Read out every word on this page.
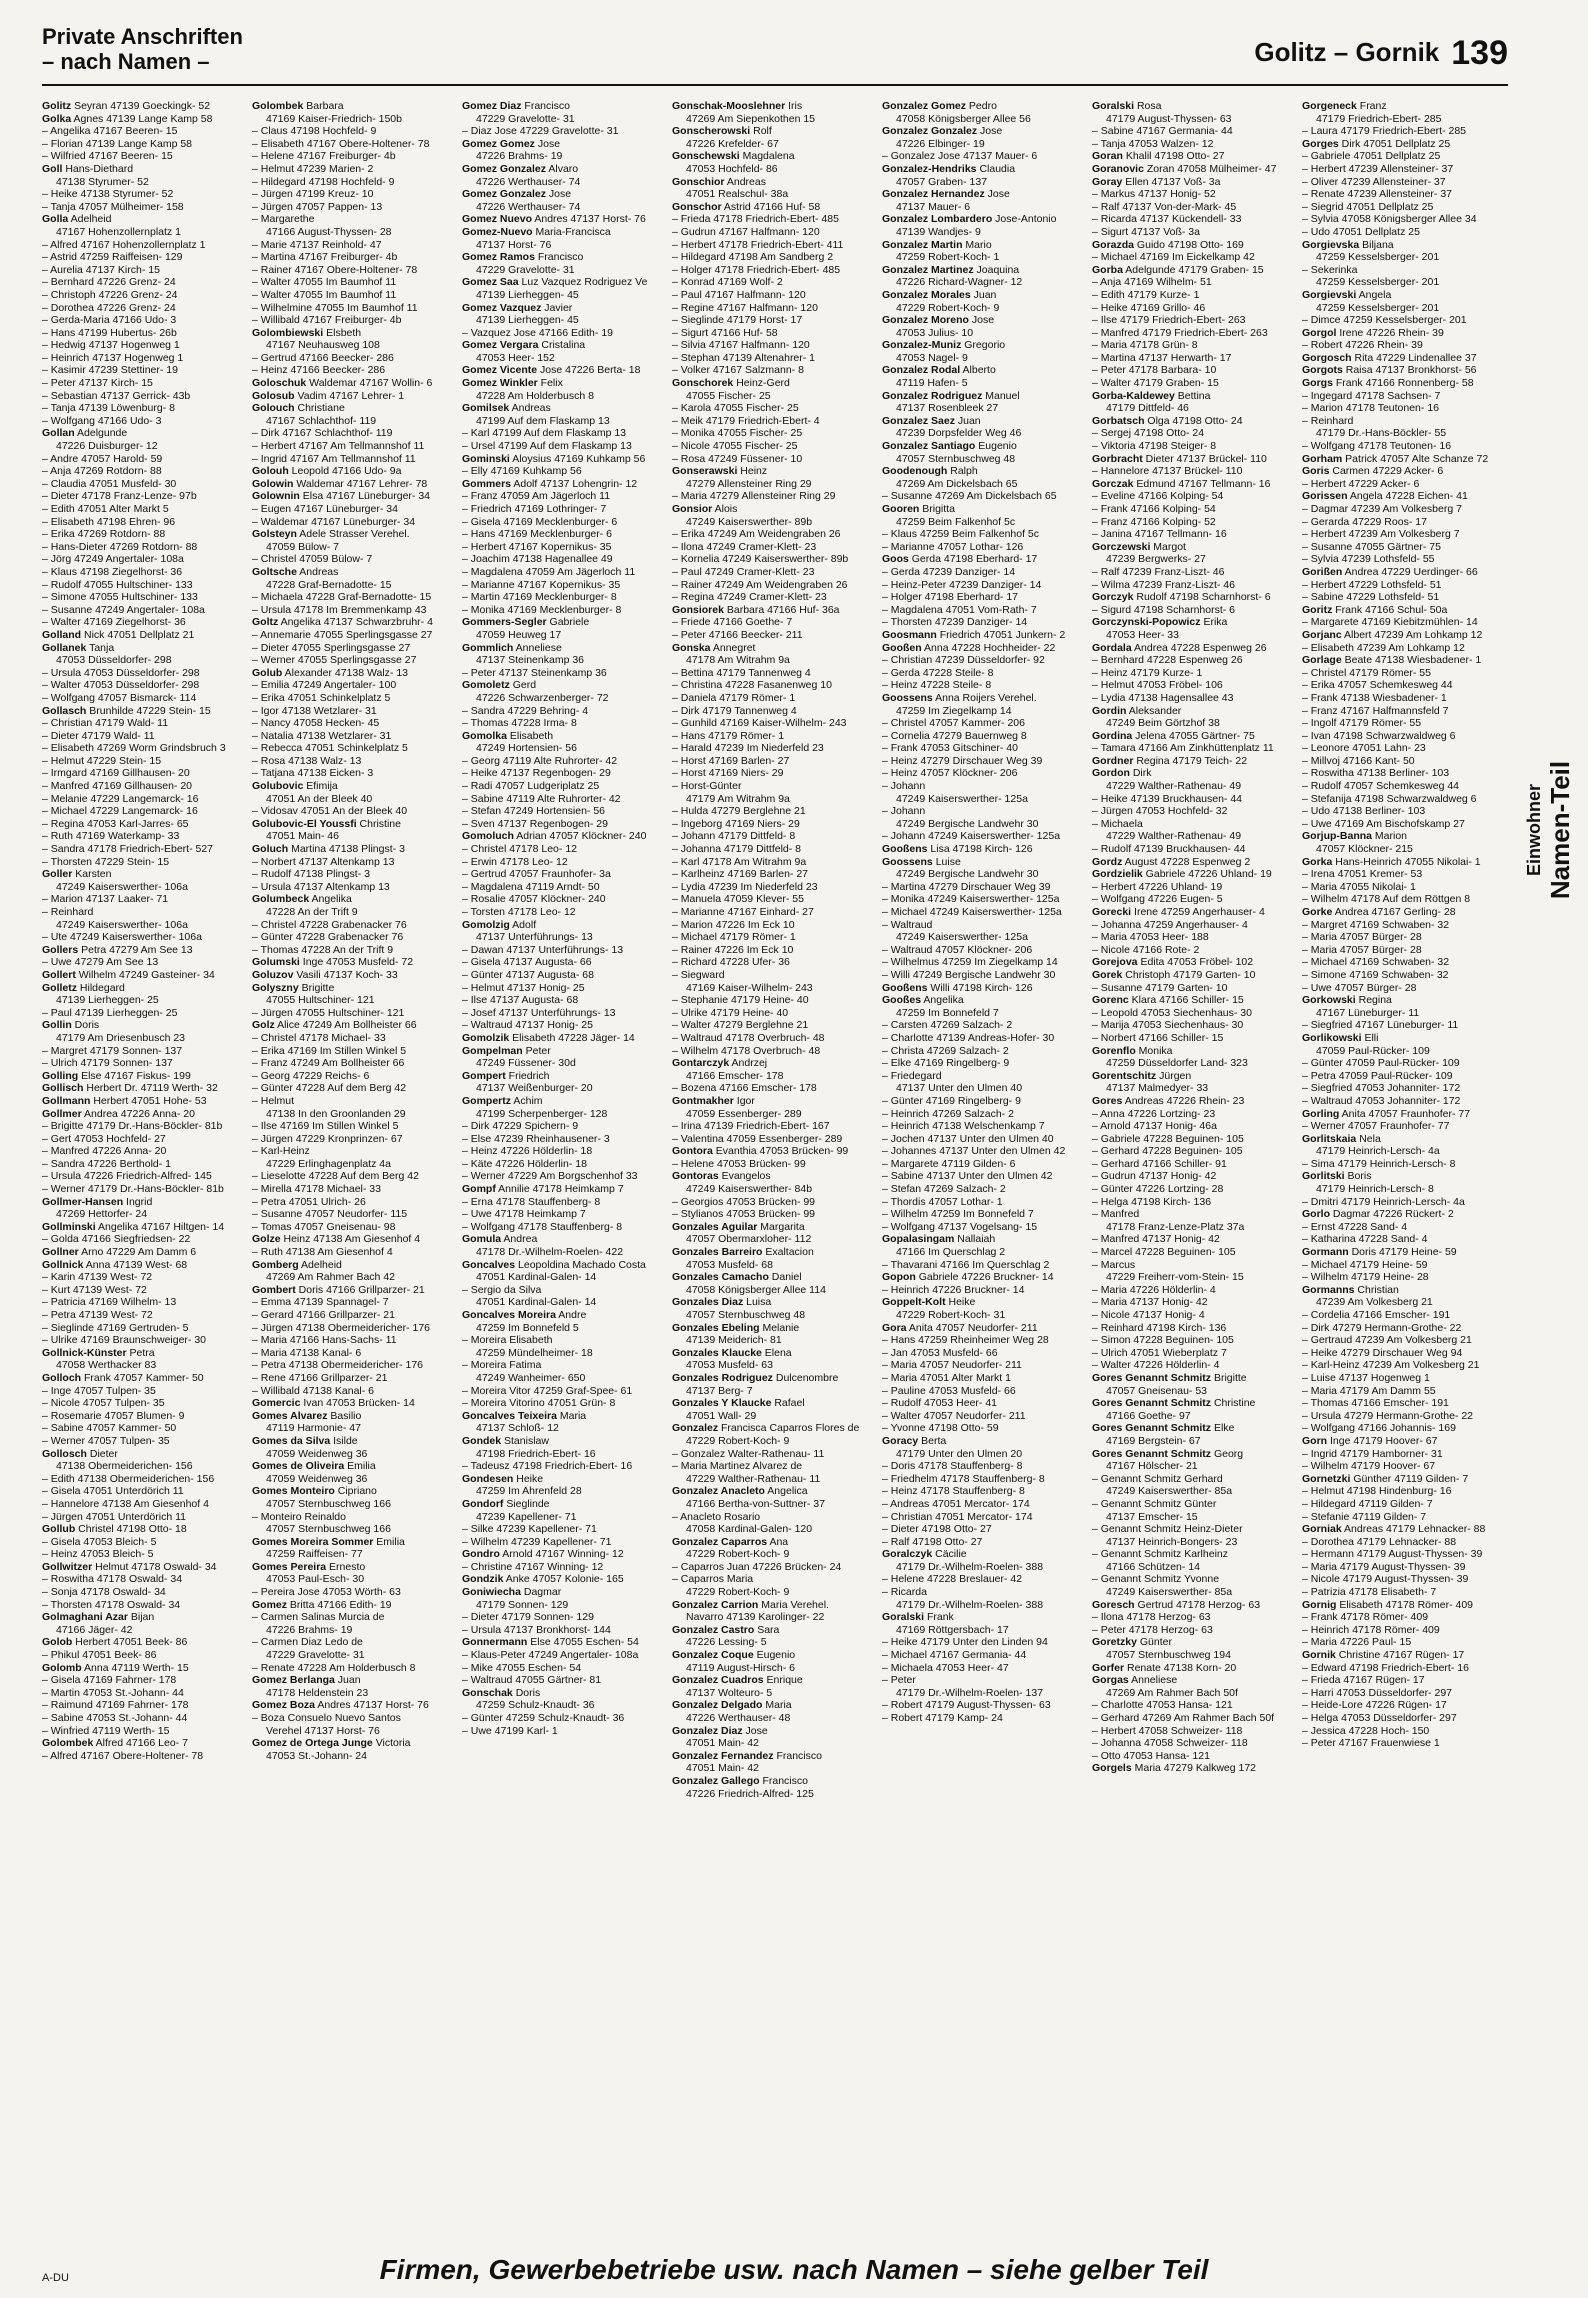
Private Anschriften
– nach Namen –	Golitz – Gornik 139
Golitz Seyran 47139 Goeckingk- 52
Golka Agnes 47139 Lange Kamp 58
– Angelika 47167 Beeren- 15
– Florian 47139 Lange Kamp 58
– Wilfried 47167 Beeren- 15
Goll Hans-Diethard
47138 Styrumer- 52
– Heike 47138 Styrumer- 52
– Tanja 47057 Mülheimer- 158
Golla Adelheid
47167 Hohenzollernplatz 1
– Alfred 47167 Hohenzollernplatz 1
– Astrid 47259 Raiffeisen- 129
– Aurelia 47137 Kirch- 15
– Bernhard 47226 Grenz- 24
– Christoph 47226 Grenz- 24
– Dorothea 47226 Grenz- 24
– Gerda-Maria 47166 Udo- 3
– Hans 47199 Hubertus- 26b
– Hedwig 47137 Hogenweg 1
– Heinrich 47137 Hogenweg 1
– Kasimir 47239 Stettiner- 19
– Peter 47137 Kirch- 15
– Sebastian 47137 Gerrick- 43b
– Tanja 47139 Löwenburg- 8
– Wolfgang 47166 Udo- 3
Gollan Adelgunde
47226 Duisburger- 12
– Andre 47057 Harold- 59
– Anja 47269 Rotdorn- 88
– Claudia 47051 Musfeld- 30
– Dieter 47178 Franz-Lenze- 97b
– Edith 47051 Alter Markt 5
– Elisabeth 47198 Ehren- 96
– Erika 47269 Rotdorn- 88
– Hans-Dieter 47269 Rotdorn- 88
– Jörg 47249 Angertaler- 108a
– Klaus 47198 Ziegelhorst- 36
– Rudolf 47055 Hultschiner- 133
– Simone 47055 Hultschiner- 133
– Susanne 47249 Angertaler- 108a
– Walter 47169 Ziegelhorst- 36
Golland Nick 47051 Dellplatz 21
Gollanek Tanja
47053 Düsseldorfer- 298
– Ursula 47053 Düsseldorfer- 298
– Walter 47053 Düsseldorfer- 298
– Wolfgang 47057 Bismarck- 114
Gollasch Brunhilde 47229 Stein- 15
– Christian 47179 Wald- 11
– Dieter 47179 Wald- 11
– Elisabeth 47269 Worm Grindsbruch 3
– Helmut 47229 Stein- 15
– Irmgard 47169 Gillhausen- 20
– Manfred 47169 Gillhausen- 20
– Melanie 47229 Langemarck- 16
– Michael 47229 Langemarck- 16
– Regina 47053 Karl-Jarres- 65
– Ruth 47169 Waterkamp- 33
– Sandra 47178 Friedrich-Ebert- 527
– Thorsten 47229 Stein- 15
Goller Karsten
47249 Kaiserswerther- 106a
– Marion 47137 Laaker- 71
– Reinhard
47249 Kaiserswerther- 106a
– Ute 47249 Kaiserswerther- 106a
Gollers Petra 47279 Am See 13
– Uwe 47279 Am See 13
Gollert Wilhelm 47249 Gasteiner- 34
Golletz Hildegard
47139 Lierheggen- 25
– Paul 47139 Lierheggen- 25
Gollin Doris
47179 Am Driesenbusch 23
– Margret 47179 Sonnen- 137
– Ulrich 47179 Sonnen- 137
Golling Else 47167 Fiskus- 199
Gollisch Herbert Dr. 47119 Werth- 32
Gollmann Herbert 47051 Hohe- 53
Gollmer Andrea 47226 Anna- 20
– Brigitte 47179 Dr.-Hans-Böckler- 81b
– Gert 47053 Hochfeld- 27
– Manfred 47226 Anna- 20
– Sandra 47226 Berthold- 1
– Ursula 47226 Friedrich-Alfred- 145
– Werner 47179 Dr.-Hans-Böckler- 81b
Gollmer-Hansen Ingrid
47269 Hettorfer- 24
Gollminski Angelika 47167 Hiltgen- 14
– Golda 47166 Siegfriedsen- 22
Gollner Arno 47229 Am Damm 6
Gollnick Anna 47139 West- 68
– Karin 47139 West- 72
– Kurt 47139 West- 72
– Patricia 47169 Wilhelm- 13
– Petra 47139 West- 72
– Sieglinde 47169 Gertruden- 5
– Ulrike 47169 Braunschweiger- 30
Gollnick-Künster Petra
47058 Werthacker 83
Golloch Frank 47057 Kammer- 50
– Inge 47057 Tulpen- 35
– Nicole 47057 Tulpen- 35
– Rosemarie 47057 Blumen- 9
– Sabine 47057 Kammer- 50
– Werner 47057 Tulpen- 35
Gollosch Dieter
47138 Obermeiderichen- 156
– Edith 47138 Obermeiderichen- 156
– Gisela 47051 Unterdörich 11
– Hannelore 47138 Am Giesenhof 4
– Jürgen 47051 Unterdörich 11
Gollub Christel 47198 Otto- 18
– Gisela 47053 Bleich- 5
– Heinz 47053 Bleich- 5
Gollwitzer Helmut 47178 Oswald- 34
– Roswitha 47178 Oswald- 34
– Sonja 47178 Oswald- 34
– Thorsten 47178 Oswald- 34
Golmaghani Azar Bijan
47166 Jäger- 42
Golob Herbert 47051 Beek- 86
– Phikul 47051 Beek- 86
Golomb Anna 47119 Werth- 15
– Gisela 47169 Fahrner- 178
– Martin 47053 St.-Johann- 44
– Raimund 47169 Fahrner- 178
– Sabine 47053 St.-Johann- 44
– Winfried 47119 Werth- 15
Golombek Alfred 47166 Leo- 7
– Alfred 47167 Obere-Holtener- 78
Golombek Barbara
47169 Kaiser-Friedrich- 150b
– Claus 47198 Hochfeld- 9
– Elisabeth 47167 Obere-Holtener- 78
– Helene 47167 Freiburger- 4b
– Helmut 47239 Marien- 2
– Hildegard 47198 Hochfeld- 9
– Jürgen 47199 Kreuz- 10
– Jürgen 47057 Pappen- 13
– Margarethe
47166 August-Thyssen- 28
– Marie 47137 Reinhold- 47
– Martina 47167 Freiburger- 4b
– Rainer 47167 Obere-Holtener- 78
– Walter 47055 Im Baumhof 11
– Walter 47055 Im Baumhof 11
– Wilhelmine 47055 Im Baumhof 11
– Willibald 47167 Freiburger- 4b
Golombiewski Elsbeth
47167 Neuhausweg 108
– Gertrud 47166 Beecker- 286
– Heinz 47166 Beecker- 286
Goloschuk Waldemar 47167 Wollin- 6
Golosub Vadim 47167 Lehrer- 1
Golouch Christiane
47167 Schlachthof- 119
– Dirk 47167 Schlachthof- 119
– Herbert 47167 Am Tellmannshof 11
– Ingrid 47167 Am Tellmannshof 11
Golouh Leopold 47166 Udo- 9a
Golowin Waldemar 47167 Lehrer- 78
Golownin Elsa 47167 Lüneburger- 34
– Eugen 47167 Lüneburger- 34
– Waldemar 47167 Lüneburger- 34
Golsteyn Adele Strasser Verehel.
47059 Bülow- 7
– Christel 47059 Bülow- 7
Goltsche Andreas
47228 Graf-Bernadotte- 15
– Michaela 47228 Graf-Bernadotte- 15
– Ursula 47178 Im Bremmenkamp 43
Goltz Angelika 47137 Schwarzbruhr- 4
– Annemarie 47055 Sperlingsgasse 27
– Dieter 47055 Sperlingsgasse 27
– Werner 47055 Sperlingsgasse 27
Golub Alexander 47138 Walz- 13
– Emilia 47249 Angertaler- 100
– Erika 47051 Schinkelplatz 5
– Igor 47138 Wetzlarer- 31
– Nancy 47058 Hecken- 45
– Natalia 47138 Wetzlarer- 31
– Rebecca 47051 Schinkelplatz 5
– Rosa 47138 Walz- 13
– Tatjana 47138 Eicken- 3
Golubovic Efimija
47051 An der Bleek 40
– Vidosav 47051 An der Bleek 40
Golubovic-El Youssfi Christine
47051 Main- 46
Goluch Martina 47138 Plingst- 3
– Norbert 47137 Altenkamp 13
– Rudolf 47138 Plingst- 3
– Ursula 47137 Altenkamp 13
Golumbeck Angelika
47228 An der Trift 9
– Christel 47228 Grabenacker 76
– Günter 47228 Grabenacker 76
– Thomas 47228 An der Trift 9
Golumski Inge 47053 Musfeld- 72
Goluzov Vasili 47137 Koch- 33
Golyszny Brigitte
47055 Hultschiner- 121
– Jürgen 47055 Hultschiner- 121
Golz Alice 47249 Am Bollheister 66
– Christel 47178 Michael- 33
– Erika 47169 Im Stillen Winkel 5
– Franz 47249 Am Bollheister 66
– Georg 47229 Reichs- 6
– Günter 47228 Auf dem Berg 42
– Helmut
47138 In den Groonlanden 29
– Ilse 47169 Im Stillen Winkel 5
– Jürgen 47229 Kronprinzen- 67
– Karl-Heinz
47229 Erlinghagenplatz 4a
– Lieselotte 47228 Auf dem Berg 42
– Mirella 47178 Michael- 33
– Petra 47051 Ulrich- 26
– Susanne 47057 Neudorfer- 115
– Tomas 47057 Gneisenau- 98
Golze Heinz 47138 Am Giesenhof 4
– Ruth 47138 Am Giesenhof 4
Gomberg Adelheid
47269 Am Rahmer Bach 42
Gombert Doris 47166 Grillparzer- 21
– Emma 47139 Spannagel- 7
– Gerard 47166 Grillparzer- 21
– Jürgen 47138 Obermeidericher- 176
– Maria 47166 Hans-Sachs- 11
– Maria 47138 Kanal- 6
– Petra 47138 Obermeidericher- 176
– Rene 47166 Grillparzer- 21
– Willibald 47138 Kanal- 6
Gomercic Ivan 47053 Brücken- 14
Gomes Alvarez Basilio
47119 Harmonie- 47
Gomes da Silva Isilde
47059 Weidenweg 36
Gomes de Oliveira Emilia
47059 Weidenweg 36
Gomes Monteiro Cipriano
47057 Sternbuschweg 166
– Monteiro Reinaldo
47057 Sternbuschweg 166
Gomes Moreira Sommer Emilia
47259 Raiffeisen- 77
Gomes Pereira Ernesto
47053 Paul-Esch- 30
– Pereira Jose 47053 Wörth- 63
Gomez Britta 47166 Edith- 19
– Carmen Salinas Murcia de
47226 Brahms- 19
– Carmen Diaz Ledo de
47229 Gravelotte- 31
– Renate 47228 Am Holderbusch 8
Gomez Berlanga Juan
47178 Heldenstein 23
Gomez Boza Andres 47137 Horst- 76
– Boza Consuelo Nuevo Santos
Verehel 47137 Horst- 76
Gomez de Ortega Junge Victoria
47053 St.-Johann- 24
Gomez Diaz Francisco
47229 Gravelotte- 31
– Diaz Jose 47229 Gravelotte- 31
Gomez Gomez Jose
47226 Brahms- 19
Gomez Gonzalez Alvaro
47226 Werthauser- 74
Gomez Gonzalez Jose
47226 Werthauser- 74
Gomez Nuevo Andres 47137 Horst- 76
Gomez-Nuevo Maria-Francisca
47137 Horst- 76
Gomez Ramos Francisco
47229 Gravelotte- 31
Gomez Saa Luz Vazquez Rodriguez Ve
47139 Lierheggen- 45
Gomez Vazquez Javier
47139 Lierheggen- 45
– Vazquez Jose 47166 Edith- 19
Gomez Vergara Cristalina
47053 Heer- 152
Gomez Vicente Jose 47226 Berta- 18
Gomez Winkler Felix
47228 Am Holderbusch 8
Gomilsek Andreas
47199 Auf dem Flaskamp 13
– Karl 47199 Auf dem Flaskamp 13
– Ursel 47199 Auf dem Flaskamp 13
Gominski Aloysius 47169 Kuhkamp 56
– Elly 47169 Kuhkamp 56
Gommers Adolf 47137 Lohengrin- 12
– Franz 47059 Am Jägerloch 11
– Friedrich 47169 Lothringer- 7
– Gisela 47169 Mecklenburger- 6
– Hans 47169 Mecklenburger- 6
– Herbert 47167 Kopernikus- 35
– Joachim 47138 Hagenallee 49
– Magdalena 47059 Am Jägerloch 11
– Marianne 47167 Kopernikus- 35
– Martin 47169 Mecklenburger- 8
– Monika 47169 Mecklenburger- 8
Gommers-Segler Gabriele
47059 Heuweg 17
Gommlich Anneliese
47137 Steinenkamp 36
– Peter 47137 Steinenkamp 36
Gomoletz Gerd
47226 Schwarzenberger- 72
– Sandra 47229 Behring- 4
– Thomas 47228 Irma- 8
Gomolka Elisabeth
47249 Hortensien- 56
– Georg 47119 Alte Ruhrorter- 42
– Heike 47137 Regenbogen- 29
– Radi 47057 Ludgeriplatz 25
– Sabine 47119 Alte Ruhrorter- 42
– Stefan 47249 Hortensien- 56
– Sven 47137 Regenbogen- 29
Gomoluch Adrian 47057 Klöckner- 240
– Christel 47178 Leo- 12
– Erwin 47178 Leo- 12
– Gertrud 47057 Fraunhofer- 3a
– Magdalena 47119 Arndt- 50
– Rosalie 47057 Klöckner- 240
– Torsten 47178 Leo- 12
Gomolzig Adolf
47137 Unterführungs- 13
– Dawan 47137 Unterführungs- 13
– Gisela 47137 Augusta- 66
– Günter 47137 Augusta- 68
– Helmut 47137 Honig- 25
– Ilse 47137 Augusta- 68
– Josef 47137 Unterführungs- 13
– Waltraud 47137 Honig- 25
Gomolzik Elisabeth 47228 Jäger- 14
Gompelman Peter
47249 Füssener- 30d
Gompert Friedrich
47137 Weißenburger- 20
Gompertz Achim
47199 Scherpenberger- 128
– Dirk 47229 Spichern- 9
– Else 47239 Rheinhausener- 3
– Heinz 47226 Hölderlin- 18
– Käte 47226 Hölderlin- 18
– Werner 47229 Am Borgschenhof 33
Gompf Annilie 47178 Heimkamp 7
– Erna 47178 Stauffenberg- 8
– Uwe 47178 Heimkamp 7
– Wolfgang 47178 Stauffenberg- 8
Gomula Andrea
47178 Dr.-Wilhelm-Roelen- 422
Goncalves Leopoldina Machado Costa
47051 Kardinal-Galen- 14
– Sergio da Silva
47051 Kardinal-Galen- 14
Goncalves Moreira Andre
47259 Im Bonnefeld 5
– Moreira Elisabeth
47259 Mündelheimer- 18
– Moreira Fatima
47249 Wanheimer- 650
– Moreira Vitor 47259 Graf-Spee- 61
– Moreira Vitorino 47051 Grün- 8
Goncalves Teixeira Maria
47137 Schloß- 12
Gondek Stanislaw
47198 Friedrich-Ebert- 16
– Tadeusz 47198 Friedrich-Ebert- 16
Gondesen Heike
47259 Im Ahrenfeld 28
Gondorf Sieglinde
47239 Kapellener- 71
– Silke 47239 Kapellener- 71
– Wilhelm 47239 Kapellener- 71
Gondro Arnold 47167 Winning- 12
– Christine 47167 Winning- 12
Gondzik Anke 47057 Kolonie- 165
Goniwiecha Dagmar
47179 Sonnen- 129
– Dieter 47179 Sonnen- 129
– Ursula 47137 Bronkhorst- 144
Gonnermann Else 47055 Eschen- 54
– Klaus-Peter 47249 Angertaler- 108a
– Mike 47055 Eschen- 54
– Waltraud 47055 Gärtner- 81
Gonschak Doris
47259 Schulz-Knaudt- 36
– Günter 47259 Schulz-Knaudt- 36
– Uwe 47199 Karl- 1
Gonschak-Mooslehner Iris
47269 Am Siepenkothen 15
Gonscherowski Rolf
47226 Krefelder- 67
Gonschewski Magdalena
47053 Hochfeld- 86
Gonschior Andreas
47051 Realschul- 38a
Gonschor Astrid 47166 Huf- 58
– Frieda 47178 Friedrich-Ebert- 485
– Gudrun 47167 Halfmann- 120
– Herbert 47178 Friedrich-Ebert- 411
– Hildegard 47198 Am Sandberg 2
– Holger 47178 Friedrich-Ebert- 485
– Konrad 47169 Wolf- 2
– Paul 47167 Halfmann- 120
– Regine 47167 Halfmann- 120
– Sieglinde 47179 Horst- 17
– Sigurt 47166 Huf- 58
– Silvia 47167 Halfmann- 120
– Stephan 47139 Altenahrer- 1
– Volker 47167 Salzmann- 8
Gonschorek Heinz-Gerd
47055 Fischer- 25
– Karola 47055 Fischer- 25
– Meik 47179 Friedrich-Ebert- 4
– Monika 47055 Fischer- 25
– Nicole 47055 Fischer- 25
– Rosa 47249 Füssener- 10
Gonserawski Heinz
47279 Allensteiner Ring 29
– Maria 47279 Allensteiner Ring 29
Gonsior Alois
47249 Kaiserswerther- 89b
– Erika 47249 Am Weidengraben 26
– Ilona 47249 Cramer-Klett- 23
– Kornelia 47249 Kaiserswerther- 89b
– Paul 47249 Cramer-Klett- 23
– Rainer 47249 Am Weidengraben 26
– Regina 47249 Cramer-Klett- 23
Gonsiorek Barbara 47166 Huf- 36a
– Friede 47166 Goethe- 7
– Peter 47166 Beecker- 211
Gonska Annegret
47178 Am Witrahm 9a
– Bettina 47179 Tannenweg 4
– Christina 47228 Fasanenweg 10
– Daniela 47179 Römer- 1
– Dirk 47179 Tannenweg 4
– Gunhild 47169 Kaiser-Wilhelm- 243
– Hans 47179 Römer- 1
– Harald 47239 Im Niederfeld 23
– Horst 47169 Barlen- 27
– Horst 47169 Niers- 29
– Horst-Günter
47179 Am Witrahm 9a
– Hulda 47279 Berglehne 21
– Ingeborg 47169 Niers- 29
– Johann 47179 Dittfeld- 8
– Johanna 47179 Dittfeld- 8
– Karl 47178 Am Witrahm 9a
– Karlheinz 47169 Barlen- 27
– Lydia 47239 Im Niederfeld 23
– Manuela 47059 Klever- 55
– Marianne 47167 Einhard- 27
– Marion 47226 Im Eck 10
– Michael 47179 Römer- 1
– Rainer 47226 Im Eck 10
– Richard 47228 Ufer- 36
– Siegward
47169 Kaiser-Wilhelm- 243
– Stephanie 47179 Heine- 40
– Ulrike 47179 Heine- 40
– Walter 47279 Berglehne 21
– Waltraud 47178 Overbruch- 48
– Wilhelm 47178 Overbruch- 48
Gontarczyk Andrzej
47166 Emscher- 178
– Bozena 47166 Emscher- 178
Gontmakher Igor
47059 Essenberger- 289
– Irina 47139 Friedrich-Ebert- 167
– Valentina 47059 Essenberger- 289
Gontora Evanthia 47053 Brücken- 99
– Helene 47053 Brücken- 99
Gontoras Evangelos
47249 Kaiserswerther- 84b
– Georgios 47053 Brücken- 99
– Stylianos 47053 Brücken- 99
Gonzales Aguilar Margarita
47057 Obermarxloher- 112
Gonzales Barreiro Exaltacion
47053 Musfeld- 68
Gonzales Camacho Daniel
47058 Königsberger Allee 114
Gonzales Diaz Luisa
47057 Sternbuschweg 48
Gonzales Ebeling Melanie
47139 Meiderich- 81
Gonzales Klaucke Elena
47053 Musfeld- 63
Gonzales Rodriguez Dulcenombre
47137 Berg- 7
Gonzales Y Klaucke Rafael
47051 Wall- 29
Gonzalez Francisca Caparros Flores de
47229 Robert-Koch- 9
– Gonzalez Walter-Rathenau- 11
– Maria Martinez Alvarez de
47229 Walther-Rathenau- 11
Gonzalez Anacleto Angelica
47166 Bertha-von-Suttner- 37
– Anacleto Rosario
47058 Kardinal-Galen- 120
Gonzalez Caparros Ana
47229 Robert-Koch- 9
– Caparros Juan 47226 Brücken- 24
– Caparros Maria
47229 Robert-Koch- 9
Gonzalez Carrion Maria Verehel.
Navarro 47139 Karolinger- 22
Gonzalez Castro Sara
47226 Lessing- 5
Gonzalez Coque Eugenio
47119 August-Hirsch- 6
Gonzalez Cuadros Enrique
47137 Wolteuro- 5
Gonzalez Delgado Maria
47226 Werthauser- 48
Gonzalez Diaz Jose
47051 Main- 42
Gonzalez Fernandez Francisco
47051 Main- 42
Gonzalez Gallego Francisco
47226 Friedrich-Alfred- 125
Gonzalez Gomez Pedro
47058 Königsberger Allee 56
Gonzalez Gonzalez Jose
47226 Elbinger- 19
– Gonzalez Jose 47137 Mauer- 6
Gonzalez-Hendriks Claudia
47057 Graben- 137
Gonzalez Hernandez Jose
47137 Mauer- 6
Gonzalez Lombardero Jose-Antonio
47139 Wandjes- 9
Gonzalez Martin Mario
47259 Robert-Koch- 1
Gonzalez Martinez Joaquina
47226 Richard-Wagner- 12
Gonzalez Morales Juan
47229 Robert-Koch- 9
Gonzalez Moreno Jose
47053 Julius- 10
Gonzalez-Muniz Gregorio
47053 Nagel- 9
Gonzalez Rodal Alberto
47119 Hafen- 5
Gonzalez Rodriguez Manuel
47137 Rosenbleek 27
Gonzalez Saez Juan
47239 Dorpsfelder Weg 46
Gonzalez Santiago Eugenio
47057 Sternbuschweg 48
Goodenough Ralph
47269 Am Dickelsbach 65
– Susanne 47269 Am Dickelsbach 65
Gooren Brigitta
47259 Beim Falkenhof 5c
– Klaus 47259 Beim Falkenhof 5c
– Marianne 47057 Lothar- 126
Goos Gerda 47198 Eberhard- 17
– Gerda 47239 Danziger- 14
– Heinz-Peter 47239 Danziger- 14
– Holger 47198 Eberhard- 17
– Magdalena 47051 Vom-Rath- 7
– Thorsten 47239 Danziger- 14
Goosmann Friedrich 47051 Junkern- 2
Gooßen Anna 47228 Hochheider- 22
– Christian 47239 Düsseldorfer- 92
– Gerda 47228 Steile- 8
– Heinz 47228 Steile- 8
Goossens Anna Roijers Verehel.
47259 Im Ziegelkamp 14
– Christel 47057 Kammer- 206
– Cornelia 47279 Bauernweg 8
– Frank 47053 Gitschiner- 40
– Heinz 47279 Dirschauer Weg 39
– Heinz 47057 Klöckner- 206
– Johann
47249 Kaiserswerther- 125a
– Johann
47249 Bergische Landwehr 30
– Johann 47249 Kaiserswerther- 125a
Gooßens Lisa 47198 Kirch- 126
Goossens Luise
47249 Bergische Landwehr 30
– Martina 47279 Dirschauer Weg 39
– Monika 47249 Kaiserswerther- 125a
– Michael 47249 Kaiserswerther- 125a
– Waltraud
47249 Kaiserswerther- 125a
– Waltraud 47057 Klöckner- 206
– Wilhelmus 47259 Im Ziegelkamp 14
– Willi 47249 Bergische Landwehr 30
Gooßens Willi 47198 Kirch- 126
Gooßes Angelika
47259 Im Bonnefeld 7
– Carsten 47269 Salzach- 2
– Charlotte 47139 Andreas-Hofer- 30
– Christa 47269 Salzach- 2
– Elke 47169 Ringelberg- 9
– Friedegard
47137 Unter den Ulmen 40
– Günter 47169 Ringelberg- 9
– Heinrich 47269 Salzach- 2
– Heinrich 47138 Welschenkamp 7
– Jochen 47137 Unter den Ulmen 40
– Johannes 47137 Unter den Ulmen 42
– Margarete 47119 Gilden- 6
– Sabine 47137 Unter den Ulmen 42
– Stefan 47269 Salzach- 2
– Thordis 47057 Lothar- 1
– Wilhelm 47259 Im Bonnefeld 7
– Wolfgang 47137 Vogelsang- 15
Gopalasingam Nallaiah
47166 Im Querschlag 2
– Thavarani 47166 Im Querschlag 2
Gopon Gabriele 47226 Bruckner- 14
– Heinrich 47226 Bruckner- 14
Goppelt-Kolt Heike
47229 Robert-Koch- 31
Gora Anita 47057 Neudorfer- 211
– Hans 47259 Rheinheimer Weg 28
– Jan 47053 Musfeld- 66
– Maria 47057 Neudorfer- 211
– Maria 47051 Alter Markt 1
– Pauline 47053 Musfeld- 66
– Rudolf 47053 Heer- 41
– Walter 47057 Neudorfer- 211
– Yvonne 47198 Otto- 59
Goracy Berta
47179 Unter den Ulmen 20
– Doris 47178 Stauffenberg- 8
– Friedhelm 47178 Stauffenberg- 8
– Heinz 47178 Stauffenberg- 8
– Andreas 47051 Mercator- 174
– Christian 47051 Mercator- 174
– Dieter 47198 Otto- 27
– Ralf 47198 Otto- 27
Goralczyk Cäcilie
47179 Dr.-Wilhelm-Roelen- 388
– Helene 47228 Breslauer- 42
– Ricarda
47179 Dr.-Wilhelm-Roelen- 388
Goralski Frank
47169 Röttgersbach- 17
– Heike 47179 Unter den Linden 94
– Michael 47167 Germania- 44
– Michaela 47053 Heer- 47
– Peter
47179 Dr.-Wilhelm-Roelen- 137
– Robert 47179 August-Thyssen- 63
– Robert 47179 Kamp- 24
Goralski Rosa
47179 August-Thyssen- 63
– Sabine 47167 Germania- 44
– Tanja 47053 Walzen- 12
Goran Khalil 47198 Otto- 27
Goranovic Zoran 47058 Mülheimer- 47
Goray Ellen 47137 Voß- 3a
– Markus 47137 Honig- 52
– Ralf 47137 Von-der-Mark- 45
– Ricarda 47137 Kückendell- 33
– Sigurt 47137 Voß- 3a
Gorazda Guido 47198 Otto- 169
– Michael 47169 Im Eickelkamp 42
Gorba Adelgunde 47179 Graben- 15
– Anja 47169 Wilhelm- 51
– Edith 47179 Kurze- 1
– Heike 47169 Grillo- 46
– Ilse 47179 Friedrich-Ebert- 263
– Manfred 47179 Friedrich-Ebert- 263
– Maria 47178 Grün- 8
– Martina 47137 Herwarth- 17
– Peter 47178 Barbara- 10
– Walter 47179 Graben- 15
Gorba-Kaldewey Bettina
47179 Dittfeld- 46
Gorbatsch Olga 47198 Otto- 24
– Sergej 47198 Otto- 24
– Viktoria 47198 Steiger- 8
Gorbracht Dieter 47137 Brückel- 110
– Hannelore 47137 Brückel- 110
Gorczak Edmund 47167 Tellmann- 16
– Eveline 47166 Kolping- 54
– Frank 47166 Kolping- 54
– Franz 47166 Kolping- 52
– Janina 47167 Tellmann- 16
Gorczewski Margot
47239 Bergwerks- 27
– Ralf 47239 Franz-Liszt- 46
– Wilma 47239 Franz-Liszt- 46
Gorczyk Rudolf 47198 Scharnhorst- 6
– Sigurd 47198 Scharnhorst- 6
Gorczynski-Popowicz Erika
47053 Heer- 33
Gordala Andrea 47228 Espenweg 26
– Bernhard 47228 Espenweg 26
– Heinz 47179 Kurze- 1
– Helmut 47053 Fröbel- 106
– Lydia 47138 Hagensallee 43
Gordin Aleksander
47249 Beim Görtzhof 38
Gordina Jelena 47055 Gärtner- 75
– Tamara 47166 Am Zinkhüttenplatz 11
Gordner Regina 47179 Teich- 22
Gordon Dirk
47229 Walther-Rathenau- 49
– Heike 47139 Bruckhausen- 44
– Jürgen 47053 Hochfeld- 32
– Michaela
47229 Walther-Rathenau- 49
– Rudolf 47139 Bruckhausen- 44
Gordz August 47228 Espenweg 2
Gordzielik Gabriele 47226 Uhland- 19
– Herbert 47226 Uhland- 19
– Wolfgang 47226 Eugen- 5
Gorecki Irene 47259 Angerhauser- 4
– Johanna 47259 Angerhauser- 4
– Maria 47053 Heer- 188
– Nicole 47166 Rote- 2
Gorejova Edita 47053 Fröbel- 102
Gorek Christoph 47179 Garten- 10
– Susanne 47179 Garten- 10
Gorenc Klara 47166 Schiller- 15
– Leopold 47053 Siechenhaus- 30
– Marija 47053 Siechenhaus- 30
– Norbert 47166 Schiller- 15
Gorenflo Monika
47259 Düsseldorfer Land- 323
Gorentschitz Jürgen
47137 Malmedyer- 33
Gores Andreas 47226 Rhein- 23
– Anna 47226 Lortzing- 23
– Arnold 47137 Honig- 46a
– Gabriele 47228 Beguinen- 105
– Gerhard 47228 Beguinen- 105
– Gerhard 47166 Schiller- 91
– Gudrun 47137 Honig- 42
– Günter 47226 Lortzing- 28
– Helga 47198 Kirch- 136
– Manfred
47178 Franz-Lenze-Platz 37a
– Manfred 47137 Honig- 42
– Marcel 47228 Beguinen- 105
– Marcus
47229 Freiherr-vom-Stein- 15
– Maria 47226 Hölderlin- 4
– Maria 47137 Honig- 42
– Nicole 47137 Honig- 4
– Reinhard 47198 Kirch- 136
– Simon 47228 Beguinen- 105
– Ulrich 47051 Wieberplatz 7
– Walter 47226 Hölderlin- 4
Gores Genannt Schmitz Brigitte
47057 Gneisenau- 53
Gores Genannt Schmitz Christine
47166 Goethe- 97
Gores Genannt Schmitz Elke
47169 Bergstein- 67
Gores Genannt Schmitz Georg
47167 Hölscher- 21
– Genannt Schmitz Gerhard
47249 Kaiserswerther- 85a
– Genannt Schmitz Günter
47137 Emscher- 15
– Genannt Schmitz Heinz-Dieter
47137 Heinrich-Bongers- 23
– Genannt Schmitz Karlheinz
47166 Schützen- 14
– Genannt Schmitz Yvonne
47249 Kaiserswerther- 85a
Goresch Gertrud 47178 Herzog- 63
– Ilona 47178 Herzog- 63
– Peter 47178 Herzog- 63
Goretzky Günter
47057 Sternbuschweg 194
Gorfer Renate 47138 Korn- 20
Gorgas Anneliese
47269 Am Rahmer Bach 50f
– Charlotte 47053 Hansa- 121
– Gerhard 47269 Am Rahmer Bach 50f
– Herbert 47058 Schweizer- 118
– Johanna 47058 Schweizer- 118
– Otto 47053 Hansa- 121
Gorgels Maria 47279 Kalkweg 172
Gorgeneck Franz
47179 Friedrich-Ebert- 285
– Laura 47179 Friedrich-Ebert- 285
Gorges Dirk 47051 Dellplatz 25
– Gabriele 47051 Dellplatz 25
– Herbert 47239 Allensteiner- 37
– Oliver 47239 Allensteiner- 37
– Renate 47239 Allensteiner- 37
– Siegrid 47051 Dellplatz 25
– Sylvia 47058 Königsberger Allee 34
– Udo 47051 Dellplatz 25
Gorgievska Biljana
47259 Kesselsberger- 201
– Sekerinka
47259 Kesselsberger- 201
Gorgievski Angela
47259 Kesselsberger- 201
– Dimce 47259 Kesselsberger- 201
Gorgol Irene 47226 Rhein- 39
– Robert 47226 Rhein- 39
Gorgosch Rita 47229 Lindenallee 37
Gorgots Raisa 47137 Bronkhorst- 56
Gorgs Frank 47166 Ronnenberg- 58
– Ingegard 47178 Sachsen- 7
– Marion 47178 Teutonen- 16
– Reinhard
47179 Dr.-Hans-Böckler- 55
– Wolfgang 47178 Teutonen- 16
Gorham Patrick 47057 Alte Schanze 72
Goris Carmen 47229 Acker- 6
– Herbert 47229 Acker- 6
Gorissen Angela 47228 Eichen- 41
– Dagmar 47239 Am Volkesberg 7
– Gerarda 47229 Roos- 17
– Herbert 47239 Am Volkesberg 7
– Susanne 47055 Gärtner- 75
– Sylvia 47239 Lothsfeld- 55
Gorißen Andrea 47229 Uerdinger- 66
– Herbert 47229 Lothsfeld- 51
– Sabine 47229 Lothsfeld- 51
Goritz Frank 47166 Schul- 50a
– Margarete 47169 Kiebitzmühlen- 14
Gorjanc Albert 47239 Am Lohkamp 12
– Elisabeth 47239 Am Lohkamp 12
Gorlage Beate 47138 Wiesbadener- 1
– Christel 47179 Römer- 55
– Erika 47057 Schemkesweg 44
– Frank 47138 Wiesbadener- 1
– Franz 47167 Halfmannsfeld 7
– Ingolf 47179 Römer- 55
– Ivan 47198 Schwarzwaldweg 6
– Leonore 47051 Lahn- 23
– Millvoj 47166 Kant- 50
– Roswitha 47138 Berliner- 103
– Rudolf 47057 Schemkesweg 44
– Stefanija 47198 Schwarzwaldweg 6
– Udo 47138 Berliner- 103
– Uwe 47169 Am Bischofskamp 27
Gorjup-Banna Marion
47057 Klöckner- 215
Gorka Hans-Heinrich 47055 Nikolai- 1
– Irena 47051 Kremer- 53
– Maria 47055 Nikolai- 1
– Wilhelm 47178 Auf dem Röttgen 8
Gorke Andrea 47167 Gerling- 28
– Margret 47169 Schwaben- 32
– Maria 47057 Bürger- 28
– Maria 47057 Bürger- 28
– Michael 47169 Schwaben- 32
– Simone 47169 Schwaben- 32
– Uwe 47057 Bürger- 28
Gorkowski Regina
47167 Lüneburger- 11
– Siegfried 47167 Lüneburger- 11
Gorlikowski Elli
47059 Paul-Rücker- 109
– Günter 47059 Paul-Rücker- 109
– Petra 47059 Paul-Rücker- 109
– Siegfried 47053 Johanniter- 172
– Waltraud 47053 Johanniter- 172
Gorling Anita 47057 Fraunhofer- 77
– Werner 47057 Fraunhofer- 77
Gorlitskaia Nela
47179 Heinrich-Lersch- 4a
– Sima 47179 Heinrich-Lersch- 8
Gorlitski Boris
47179 Heinrich-Lersch- 8
– Dmitri 47179 Heinrich-Lersch- 4a
Gorlo Dagmar 47226 Rückert- 2
– Ernst 47228 Sand- 4
– Katharina 47228 Sand- 4
Gormann Doris 47179 Heine- 59
– Michael 47179 Heine- 59
– Wilhelm 47179 Heine- 28
Gormanns Christian
47239 Am Volkesberg 21
– Cordelia 47166 Emscher- 191
– Dirk 47279 Hermann-Grothe- 22
– Gertraud 47239 Am Volkesberg 21
– Heike 47279 Dirschauer Weg 94
– Karl-Heinz 47239 Am Volkesberg 21
– Luise 47137 Hogenweg 1
– Maria 47179 Am Damm 55
– Thomas 47166 Emscher- 191
– Ursula 47279 Hermann-Grothe- 22
– Wolfgang 47166 Johannis- 169
Gorn Inge 47179 Hoover- 67
– Ingrid 47179 Hamborner- 31
– Wilhelm 47179 Hoover- 67
Gornetzki Günther 47119 Gilden- 7
– Helmut 47198 Hindenburg- 16
– Hildegard 47119 Gilden- 7
– Stefanie 47119 Gilden- 7
Gorniak Andreas 47179 Lehnacker- 88
– Dorothea 47179 Lehnacker- 88
– Hermann 47179 August-Thyssen- 39
– Maria 47179 August-Thyssen- 39
– Nicole 47179 August-Thyssen- 39
– Patrizia 47178 Elisabeth- 7
Gornig Elisabeth 47178 Römer- 409
– Frank 47178 Römer- 409
– Heinrich 47178 Römer- 409
– Maria 47226 Paul- 15
Gornik Christine 47167 Rügen- 17
– Edward 47198 Friedrich-Ebert- 16
– Frieda 47167 Rügen- 17
– Harri 47053 Düsseldorfer- 297
– Heide-Lore 47226 Rügen- 17
– Helga 47053 Düsseldorfer- 297
– Jessica 47228 Hoch- 150
– Peter 47167 Frauenwiese 1
Einwohner Namen-Teil
A-DU	Firmen, Gewerbebetriebe usw. nach Namen – siehe gelber Teil
